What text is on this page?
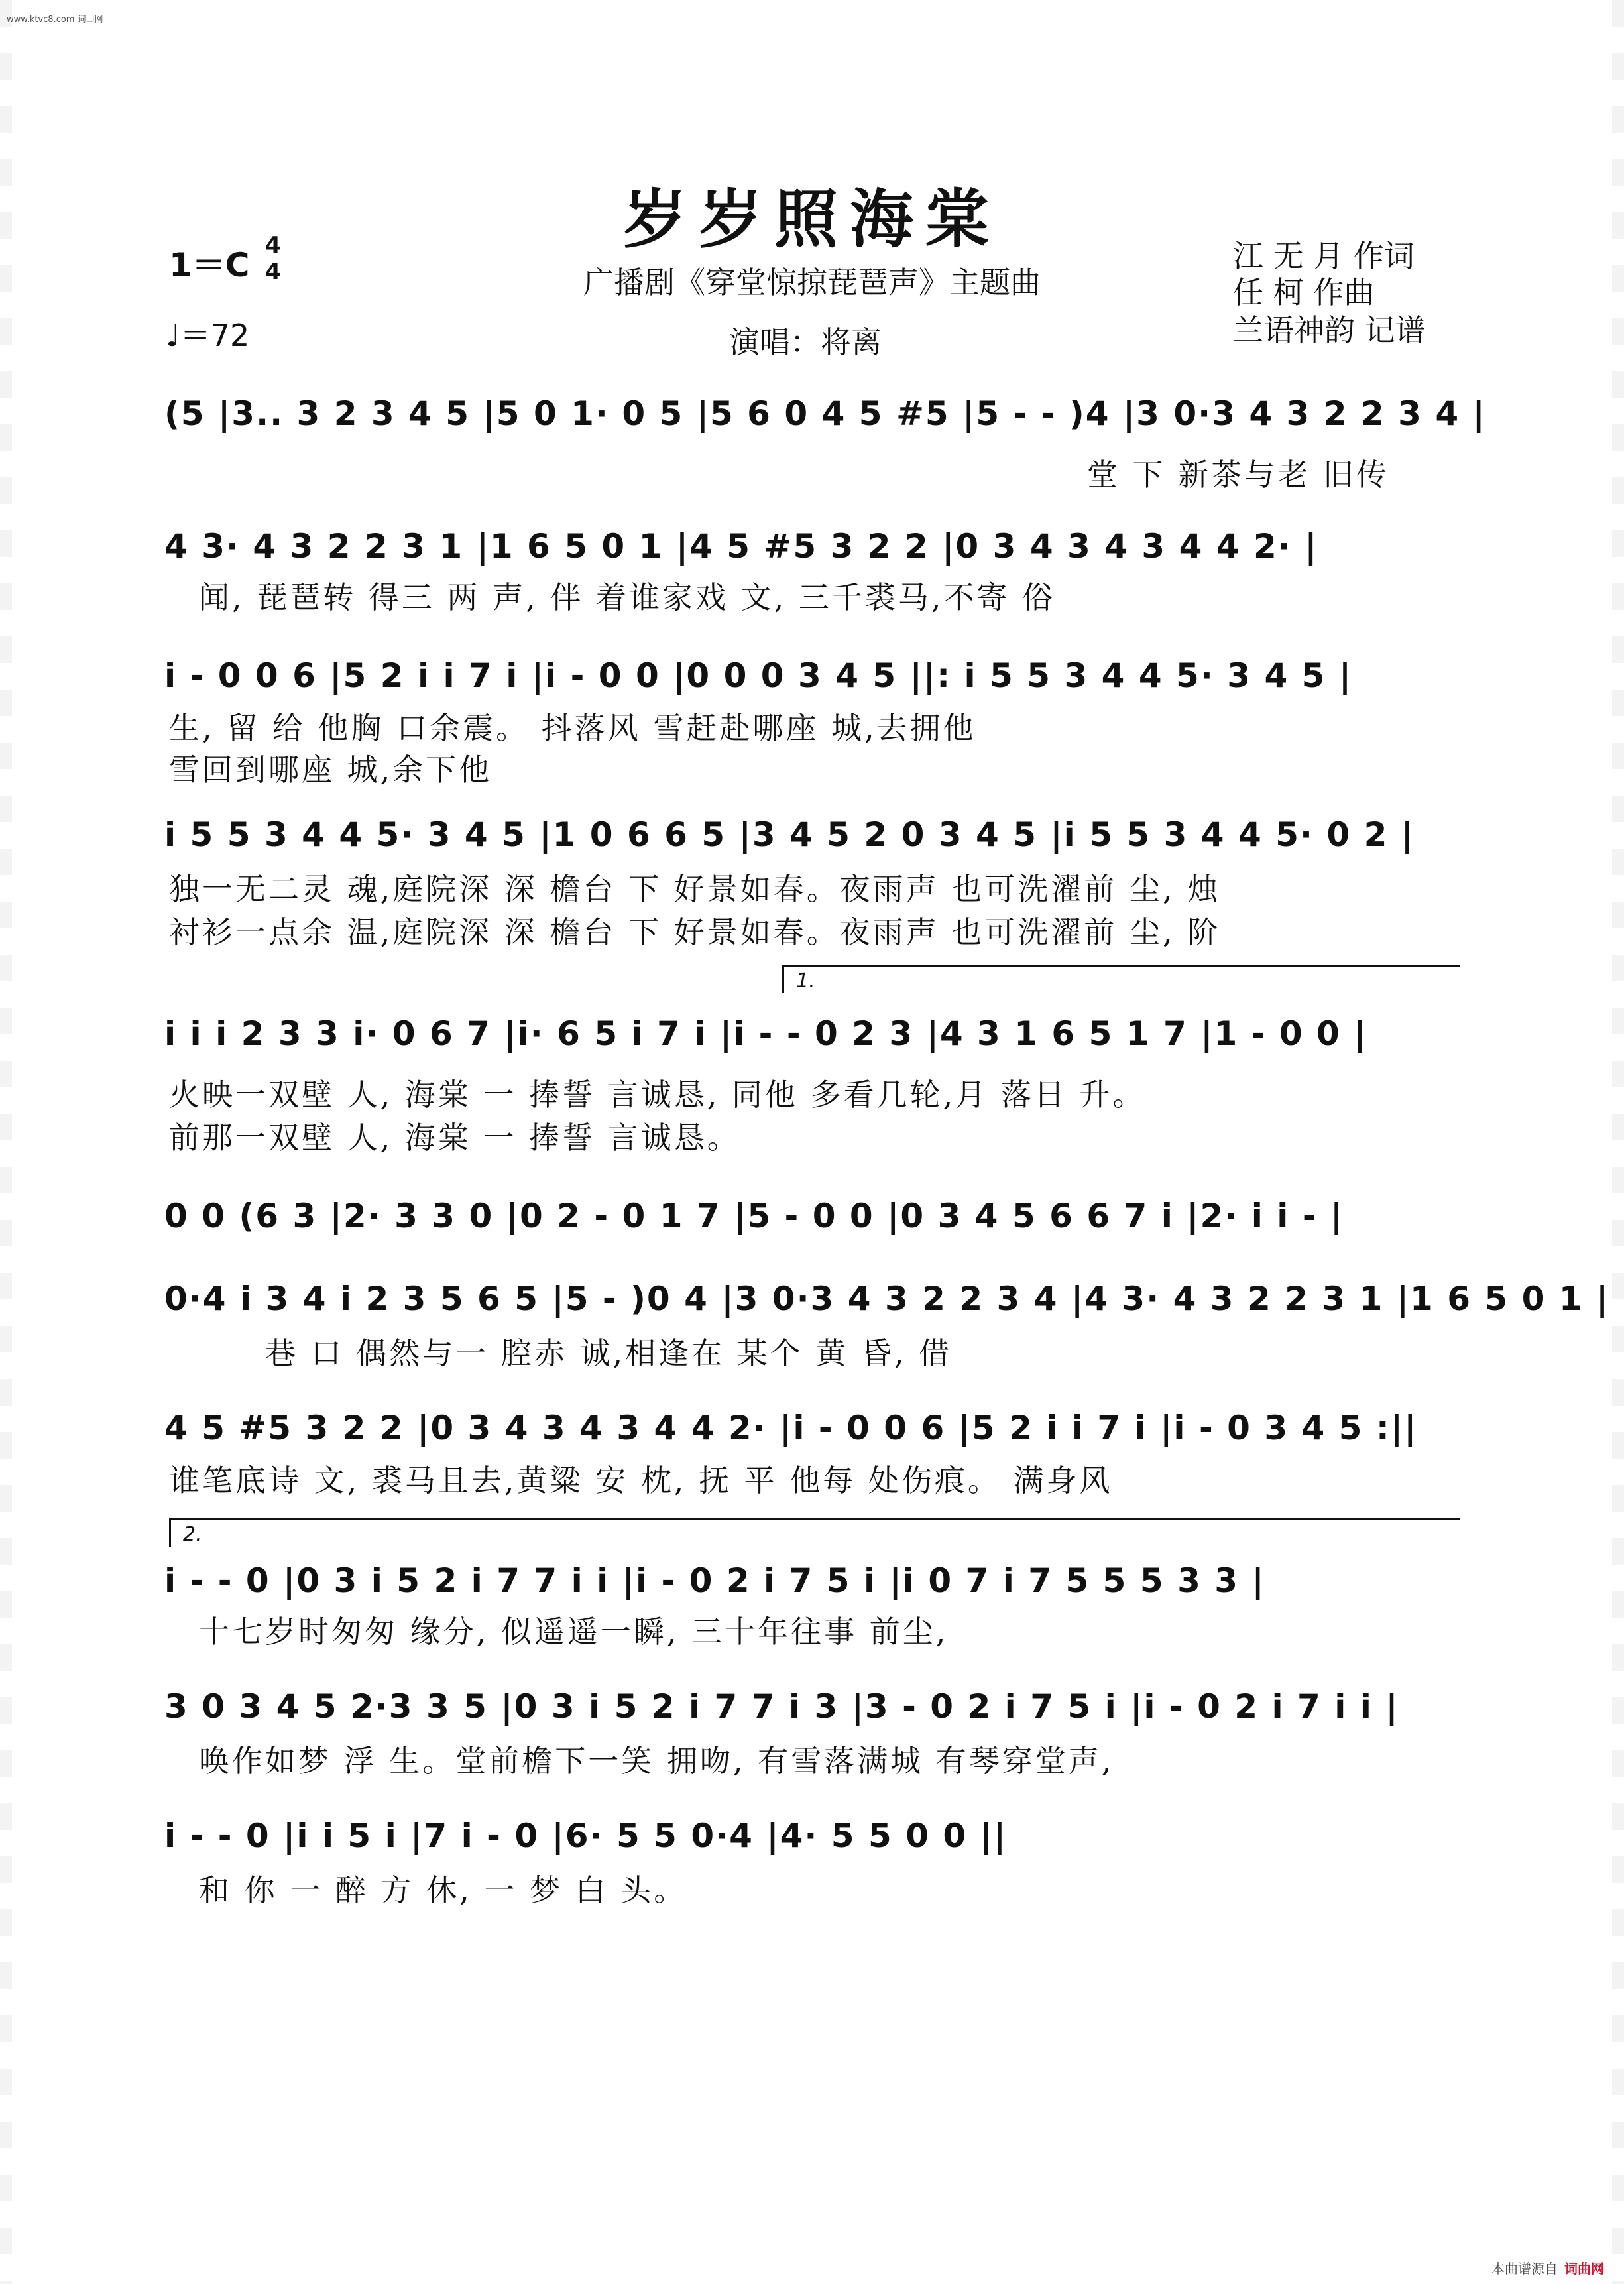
www.ktvc8.com 词曲网
岁岁照海棠
广播剧《穿堂惊掠琵琶声》主题曲
演唱：将离
江 无 月 作词
任 柯 作曲
兰语神韵 记谱
1＝C
4
4
♩＝72
(5 |3.. 3 2 3 4 5 |5 0 1· 0 5 |5 6 0 4 5 #5 |5 - - )4 |3 0·3 4 3 2 2 3 4 |
堂 下 新茶与老 旧传
4 3· 4 3 2 2 3 1 |1 6 5 0 1 |4 5 #5 3 2 2 |0 3 4 3 4 3 4 4 2· |
闻, 琵琶转 得三 两 声, 伴 着谁家戏 文, 三千裘马,不寄 俗
i - 0 0 6 |5 2 i i 7 i |i - 0 0 |0 0 0 3 4 5 ||: i 5 5 3 4 4 5· 3 4 5 |
生, 留 给 他胸 口余震。 抖落风 雪赶赴哪座 城,去拥他
雪回到哪座 城,余下他
i 5 5 3 4 4 5· 3 4 5 |1 0 6 6 5 |3 4 5 2 0 3 4 5 |i 5 5 3 4 4 5· 0 2 |
独一无二灵 魂,庭院深 深 檐台 下 好景如春。夜雨声 也可洗濯前 尘, 烛
衬衫一点余 温,庭院深 深 檐台 下 好景如春。夜雨声 也可洗濯前 尘, 阶
1.
i i i 2 3 3 i· 0 6 7 |i· 6 5 i 7 i |i - - 0 2 3 |4 3 1 6 5 1 7 |1 - 0 0 |
火映一双壁 人, 海棠 一 捧誓 言诚恳, 同他 多看几轮,月 落日 升。
前那一双壁 人, 海棠 一 捧誓 言诚恳。
0 0 (6 3 |2· 3 3 0 |0 2 - 0 1 7 |5 - 0 0 |0 3 4 5 6 6 7 i |2· i i - |
0·4 i 3 4 i 2 3 5 6 5 |5 - )0 4 |3 0·3 4 3 2 2 3 4 |4 3· 4 3 2 2 3 1 |1 6 5 0 1 |
巷 口 偶然与一 腔赤 诚,相逢在 某个 黄 昏, 借
4 5 #5 3 2 2 |0 3 4 3 4 3 4 4 2· |i - 0 0 6 |5 2 i i 7 i |i - 0 3 4 5 :||
谁笔底诗 文, 裘马且去,黄粱 安 枕, 抚 平 他每 处伤痕。 满身风
2.
i - - 0 |0 3 i 5 2 i 7 7 i i |i - 0 2 i 7 5 i |i 0 7 i 7 5 5 5 3 3 |
十七岁时匆匆 缘分, 似遥遥一瞬, 三十年往事 前尘,
3 0 3 4 5 2·3 3 5 |0 3 i 5 2 i 7 7 i 3 |3 - 0 2 i 7 5 i |i - 0 2 i 7 i i |
唤作如梦 浮 生。堂前檐下一笑 拥吻, 有雪落满城 有琴穿堂声,
i - - 0 |i i 5 i |7 i - 0 |6· 5 5 0·4 |4· 5 5 0 0 ||
和 你 一 醉 方 休, 一 梦 白 头。
本曲谱源自 词曲网
